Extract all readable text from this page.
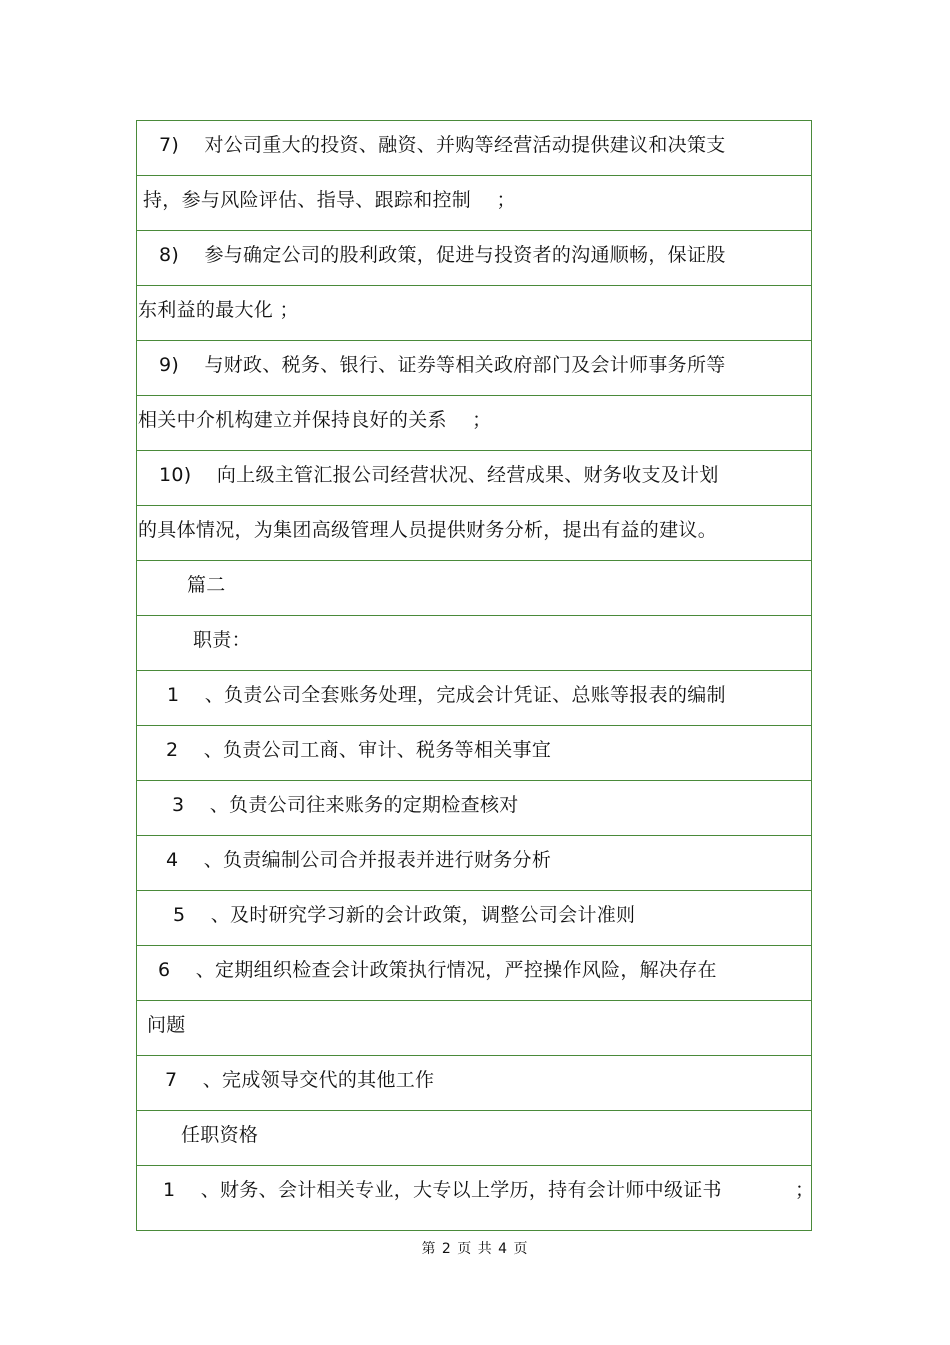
7)    对公司重大的投资、融资、并购等经营活动提供建议和决策支
持，参与风险评估、指导、跟踪和控制    ；
8)    参与确定公司的股利政策，促进与投资者的沟通顺畅，保证股
东利益的最大化 ；
9)    与财政、税务、银行、证券等相关政府部门及会计师事务所等
相关中介机构建立并保持良好的关系    ；
10)    向上级主管汇报公司经营状况、经营成果、财务收支及计划
的具体情况，为集团高级管理人员提供财务分析，提出有益的建议。
篇二
职责：
1    、负责公司全套账务处理，完成会计凭证、总账等报表的编制
2    、负责公司工商、审计、税务等相关事宜
3    、负责公司往来账务的定期检查核对
4    、负责编制公司合并报表并进行财务分析
5    、及时研究学习新的会计政策，调整公司会计准则
6    、定期组织检查会计政策执行情况，严控操作风险，解决存在
问题
7    、完成领导交代的其他工作
任职资格
1    、财务、会计相关专业，大专以上学历，持有会计师中级证书	；
第 2 页 共 4 页
